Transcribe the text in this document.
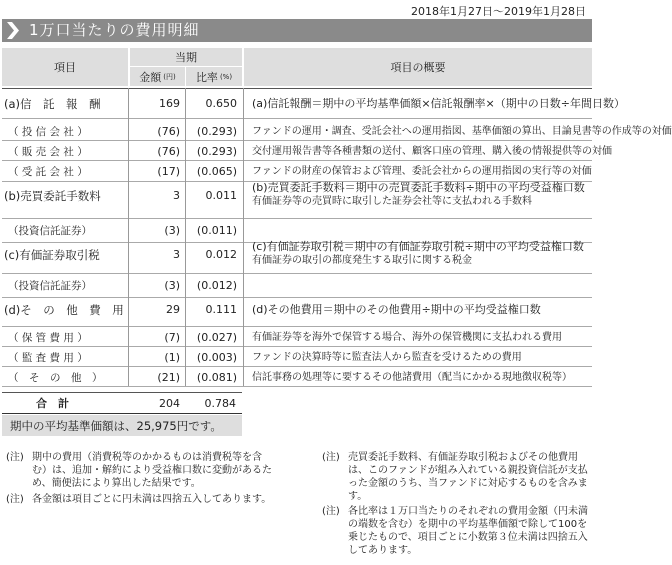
2018年1月27日〜2019年1月28日
1万口当たりの費用明細
項目
当期
金額 (円) 比率 (%)
項目の概要
(a)信　託　報　酬	169	0.650 (a)信託報酬＝期中の平均基準価額×信託報酬率×（期中の日数÷年間日数）
（ 投 信 会 社 ）	(76)	(0.293) ファンドの運用・調査、受託会社への運用指図、基準価額の算出、目論見書等の作成等の対価
（ 販 売 会 社 ）	(76)	(0.293) 交付運用報告書等各種書類の送付、顧客口座の管理、購入後の情報提供等の対価
（ 受 託 会 社 ）	(17)	(0.065) ファンドの財産の保管および管理、委託会社からの運用指図の実行等の対価
(b)売買委託手数料	3	0.011
(b)売買委託手数料＝期中の売買委託手数料÷期中の平均受益権口数
有価証券等の売買時に取引した証券会社等に支払われる手数料
（投資信託証券）	(3)	(0.011)
(c)有価証券取引税	3	0.012
(c)有価証券取引税＝期中の有価証券取引税÷期中の平均受益権口数
有価証券の取引の都度発生する取引に関する税金
（投資信託証券）	(3)	(0.012)
(d)そ　の　他　費　用	29	0.111 (d)その他費用＝期中のその他費用÷期中の平均受益権口数
（ 保 管 費 用 ）	(7)	(0.027) 有価証券等を海外で保管する場合、海外の保管機関に支払われる費用
（ 監 査 費 用 ）	(1)	(0.003) ファンドの決算時等に監査法人から監査を受けるための費用
（　そ　の　他　）	(21)	(0.081) 信託事務の処理等に要するその他諸費用（配当にかかる現地徴収税等）
合　計	204	0.784
期中の平均基準価額は、25,975円です。
(注) 期中の費用（消費税等のかかるものは消費税等を含む）は、追加・解約により受益権口数に変動があるため、簡便法により算出した結果です。
(注) 各金額は項目ごとに円未満は四捨五入してあります。
(注) 売買委託手数料、有価証券取引税およびその他費用は、このファンドが組み入れている親投資信託が支払った金額のうち、当ファンドに対応するものを含みます。
(注) 各比率は１万口当たりのそれぞれの費用金額（円未満の端数を含む）を期中の平均基準価額で除して100を乗じたもので、項目ごとに小数第３位未満は四捨五入してあります。
